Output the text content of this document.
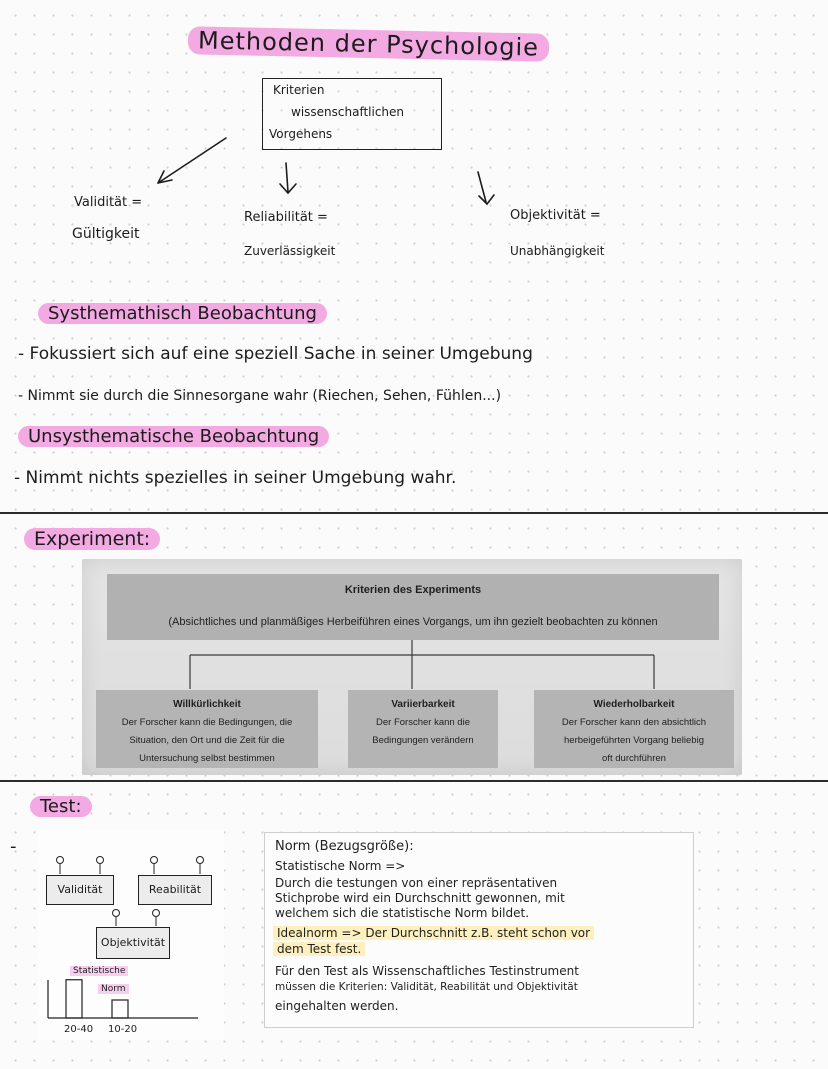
Methoden der Psychologie
Kriterien
wissenschaftlichen
Vorgehens
Validität =
Gültigkeit
Reliabilität =
Zuverlässigkeit
Objektivität =
Unabhängigkeit
Systhemathisch Beobachtung
- Fokussiert sich auf eine speziell Sache in seiner Umgebung
- Nimmt sie durch die Sinnesorgane wahr (Riechen, Sehen, Fühlen...)
Unsysthematische Beobachtung
- Nimmt nichts spezielles in seiner Umgebung wahr.
Experiment:
Kriterien des Experiments
(Absichtliches und planmäßiges Herbeiführen eines Vorgangs, um ihn gezielt beobachten zu können
Willkürlichkeit
Der Forscher kann die Bedingungen, die
Situation, den Ort und die Zeit für die
Untersuchung selbst bestimmen
Variierbarkeit
Der Forscher kann die
Bedingungen verändern
Wiederholbarkeit
Der Forscher kann den absichtlich
herbeigeführten Vorgang beliebig
oft durchführen
Test:
-
Validität	Reabilität
Objektivität
Statistische
Norm
20-40 10-20
Norm (Bezugsgröße):
Statistische Norm =>
Durch die testungen von einer repräsentativen
Stichprobe wird ein Durchschnitt gewonnen, mit
welchem sich die statistische Norm bildet.
Idealnorm => Der Durchschnitt z.B. steht schon vor
dem Test fest.
Für den Test als Wissenschaftliches Testinstrument
müssen die Kriterien: Validität, Reabilität und Objektivität
eingehalten werden.
